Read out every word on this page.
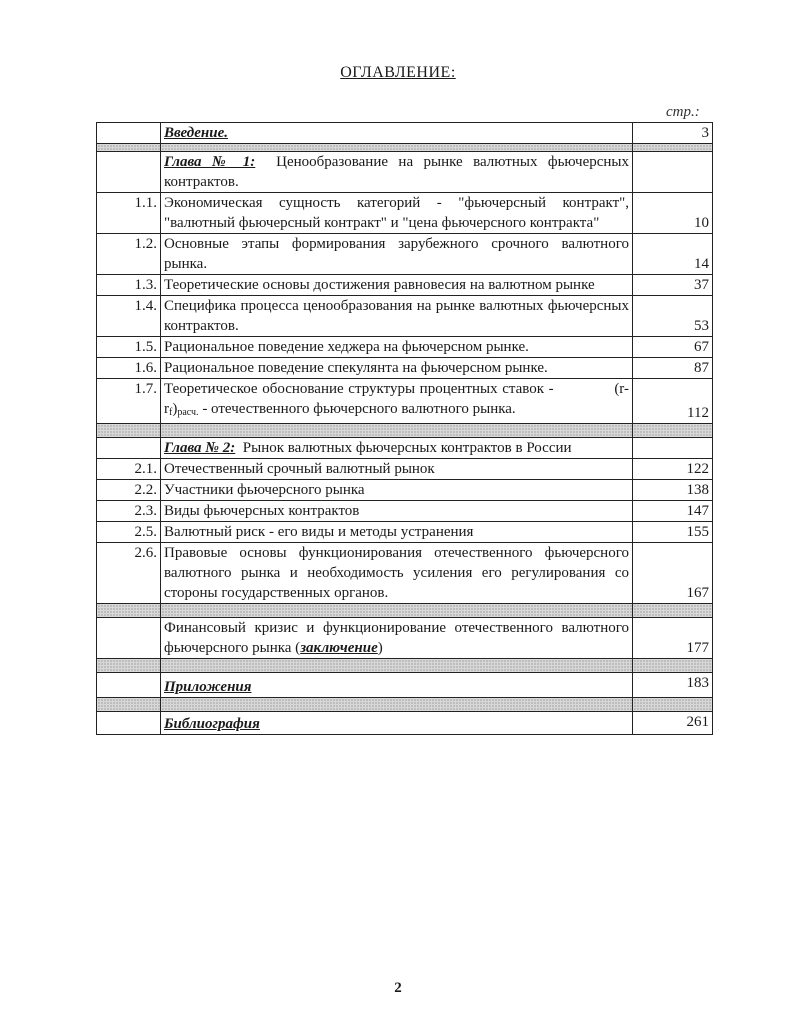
ОГЛАВЛЕНИЕ:
стр.:
	Введение.	3

	Глава № 1: Ценообразование на рынке валютных фьючерсных контрактов.	
1.1.	Экономическая сущность категорий - "фьючерсный контракт", "валютный фьючерсный контракт" и "цена фьючерсного контракта"	10
1.2.	Основные этапы формирования зарубежного срочного валютного рынка.	14
1.3.	Теоретические основы достижения равновесия на валютном рынке	37
1.4.	Специфика процесса ценообразования на рынке валютных фьючерсных контрактов.	53
1.5.	Рациональное поведение хеджера на фьючерсном рынке.	67
1.6.	Рациональное поведение спекулянта на фьючерсном рынке.	87
1.7.	Теоретическое обоснование структуры процентных ставок - $(r-r_f)_{расч.}$ - отечественного фьючерсного валютного рынка.	112

	Глава № 2: Рынок валютных фьючерсных контрактов в России	
2.1.	Отечественный срочный валютный рынок	122
2.2.	Участники фьючерсного рынка	138
2.3.	Виды фьючерсных контрактов	147
2.5.	Валютный риск - его виды и методы устранения	155
2.6.	Правовые основы функционирования отечественного фьючерсного валютного рынка и необходимость усиления его регулирования со стороны государственных органов.	167

	Финансовый кризис и функционирование отечественного валютного фьючерсного рынка (заключение)	177

	Приложения	183

	Библиография	261
2
